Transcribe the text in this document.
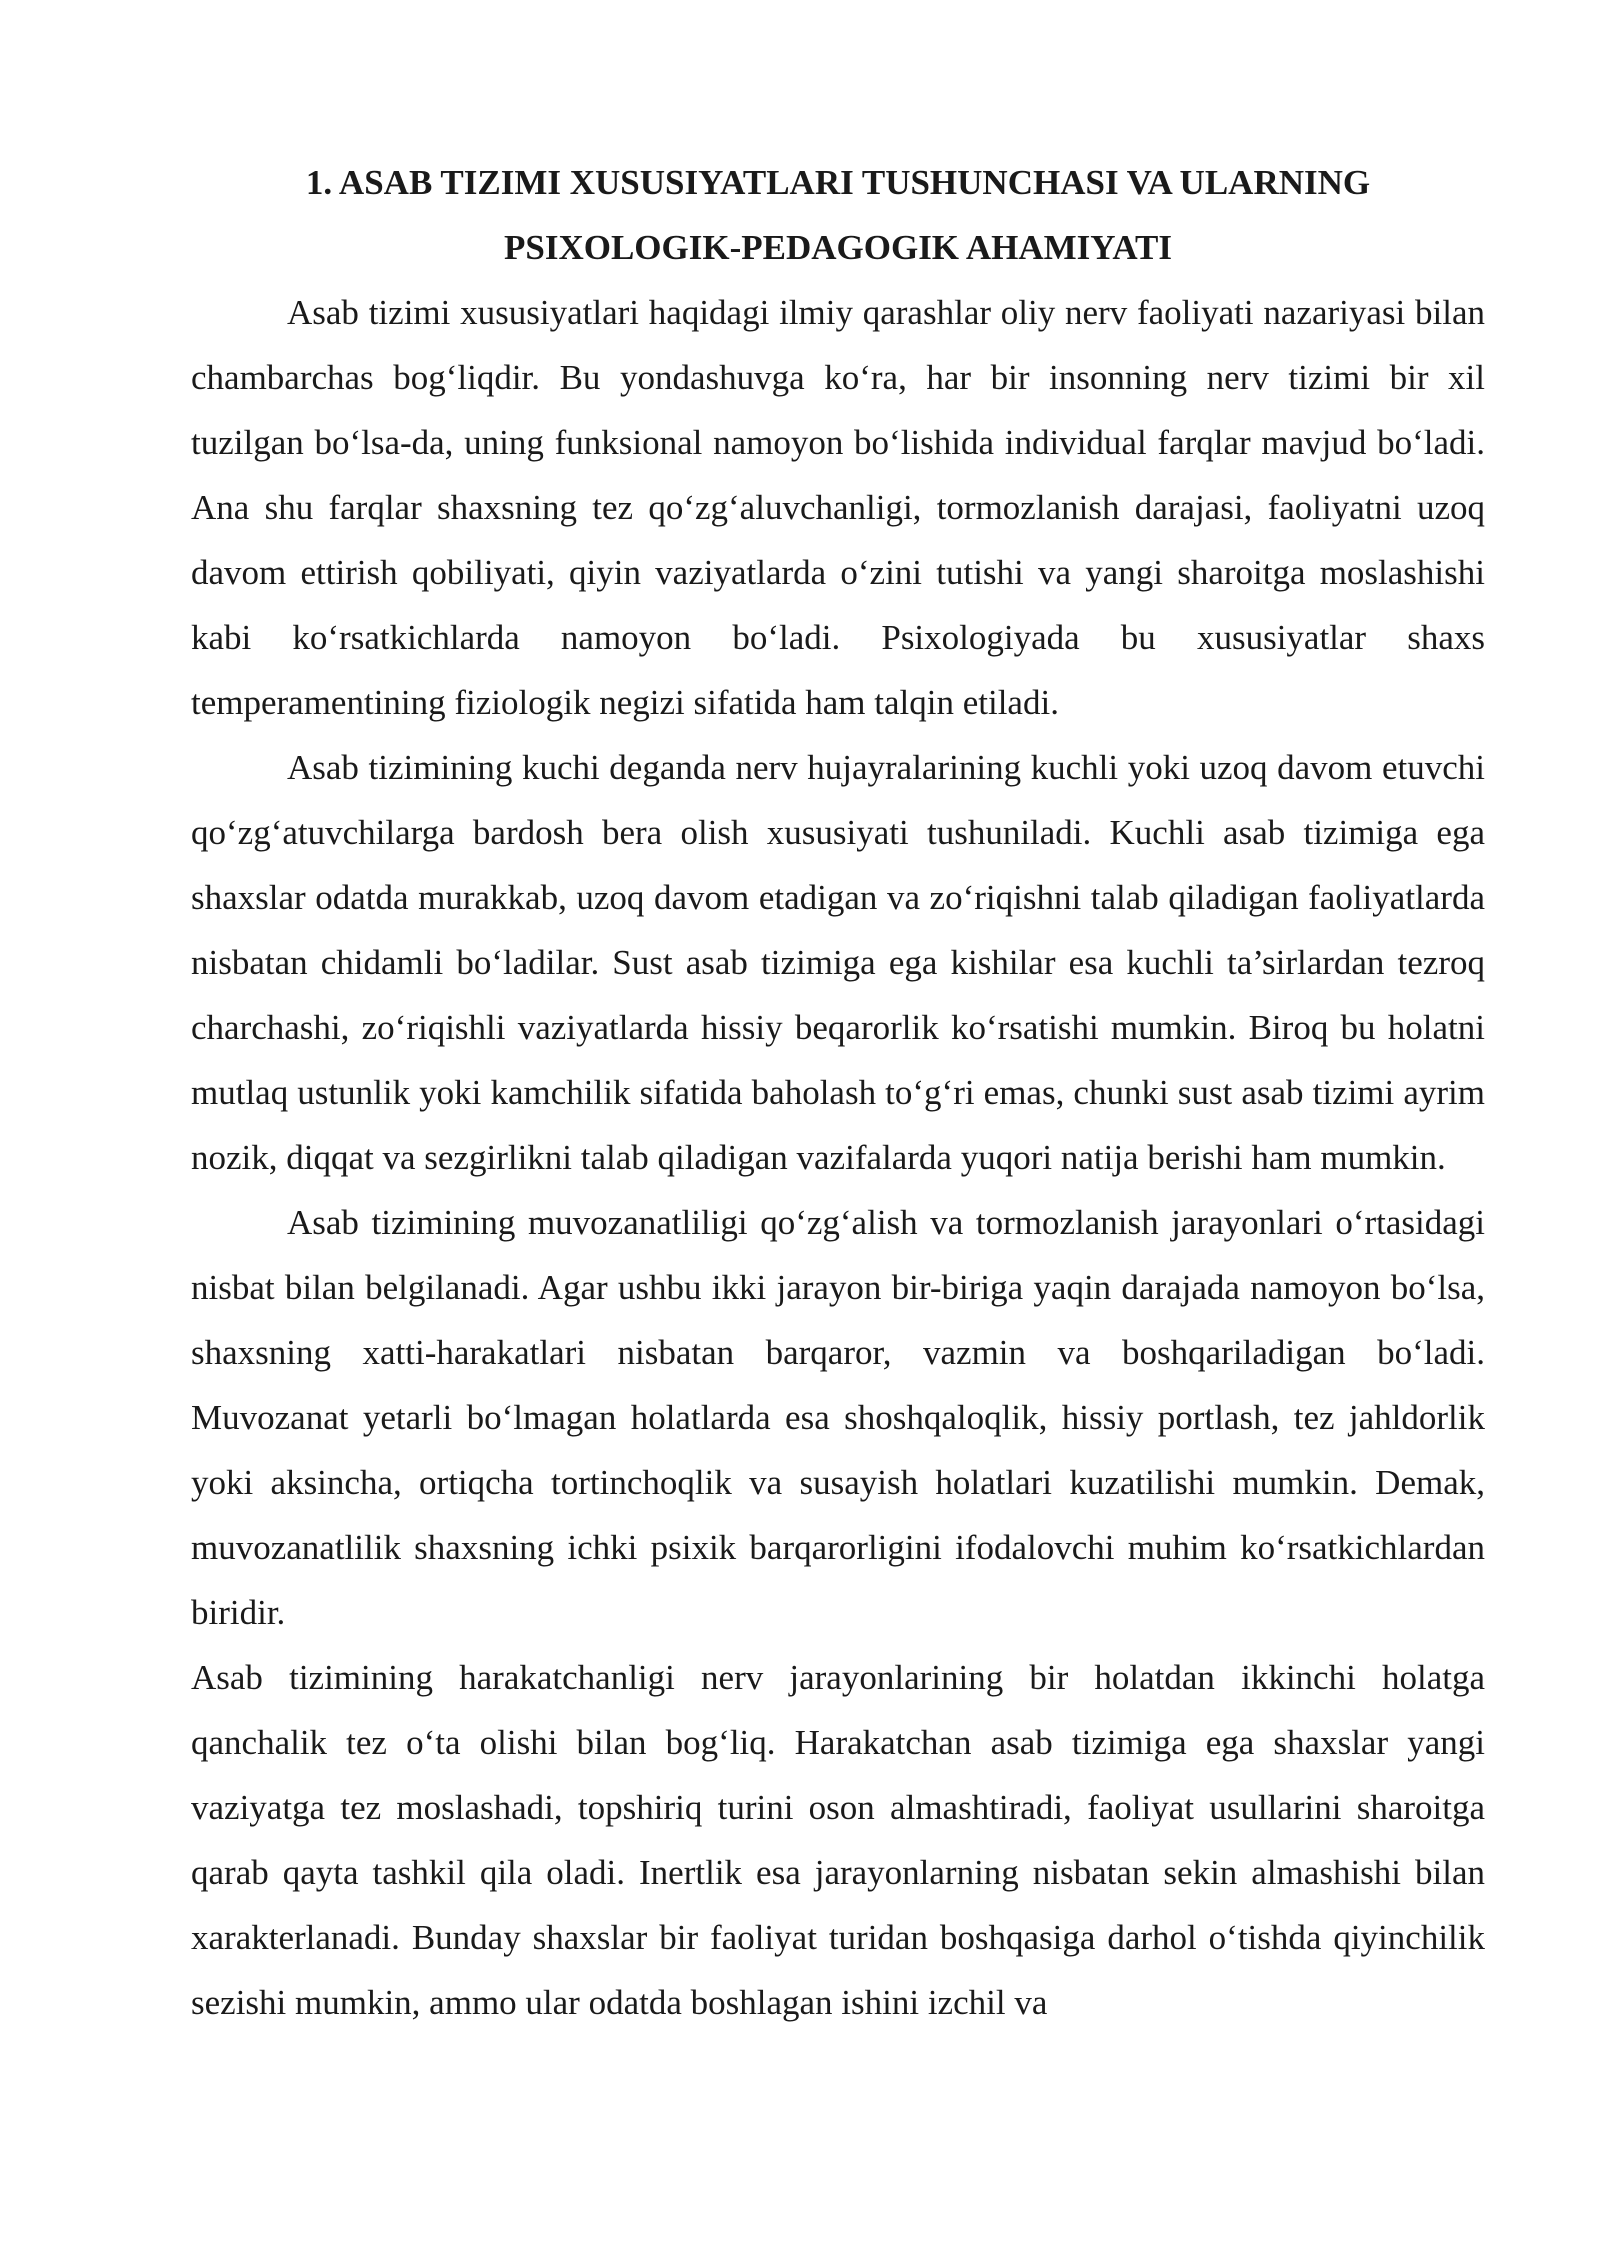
1. ASAB TIZIMI XUSUSIYATLARI TUSHUNCHASI VA ULARNING
PSIXOLOGIK-PEDAGOGIK AHAMIYATI

Asab tizimi xususiyatlari haqidagi ilmiy qarashlar oliy nerv faoliyati nazariyasi bilan chambarchas bog‘liqdir. Bu yondashuvga ko‘ra, har bir insonning nerv tizimi bir xil tuzilgan bo‘lsa-da, uning funksional namoyon bo‘lishida individual farqlar mavjud bo‘ladi. Ana shu farqlar shaxsning tez qo‘zg‘aluvchanligi, tormozlanish darajasi, faoliyatni uzoq davom ettirish qobiliyati, qiyin vaziyatlarda o‘zini tutishi va yangi sharoitga moslashishi kabi ko‘rsatkichlarda namoyon bo‘ladi. Psixologiyada bu xususiyatlar shaxs temperamentining fiziologik negizi sifatida ham talqin etiladi.

Asab tizimining kuchi deganda nerv hujayralarining kuchli yoki uzoq davom etuvchi qo‘zg‘atuvchilarga bardosh bera olish xususiyati tushuniladi. Kuchli asab tizimiga ega shaxslar odatda murakkab, uzoq davom etadigan va zo‘riqishni talab qiladigan faoliyatlarda nisbatan chidamli bo‘ladilar. Sust asab tizimiga ega kishilar esa kuchli ta’sirlardan tezroq charchashi, zo‘riqishli vaziyatlarda hissiy beqarorlik ko‘rsatishi mumkin. Biroq bu holatni mutlaq ustunlik yoki kamchilik sifatida baholash to‘g‘ri emas, chunki sust asab tizimi ayrim nozik, diqqat va sezgirlikni talab qiladigan vazifalarda yuqori natija berishi ham mumkin.

Asab tizimining muvozanatliligi qo‘zg‘alish va tormozlanish jarayonlari o‘rtasidagi nisbat bilan belgilanadi. Agar ushbu ikki jarayon bir-biriga yaqin darajada namoyon bo‘lsa, shaxsning xatti-harakatlari nisbatan barqaror, vazmin va boshqariladigan bo‘ladi. Muvozanat yetarli bo‘lmagan holatlarda esa shoshqaloqlik, hissiy portlash, tez jahldorlik yoki aksincha, ortiqcha tortinchoqlik va susayish holatlari kuzatilishi mumkin. Demak, muvozanatlilik shaxsning ichki psixik barqarorligini ifodalovchi muhim ko‘rsatkichlardan biridir.

Asab tizimining harakatchanligi nerv jarayonlarining bir holatdan ikkinchi holatga qanchalik tez o‘ta olishi bilan bog‘liq. Harakatchan asab tizimiga ega shaxslar yangi vaziyatga tez moslashadi, topshiriq turini oson almashtiradi, faoliyat usullarini sharoitga qarab qayta tashkil qila oladi. Inertlik esa jarayonlarning nisbatan sekin almashishi bilan xarakterlanadi. Bunday shaxslar bir faoliyat turidan boshqasiga darhol o‘tishda qiyinchilik sezishi mumkin, ammo ular odatda boshlagan ishini izchil va
